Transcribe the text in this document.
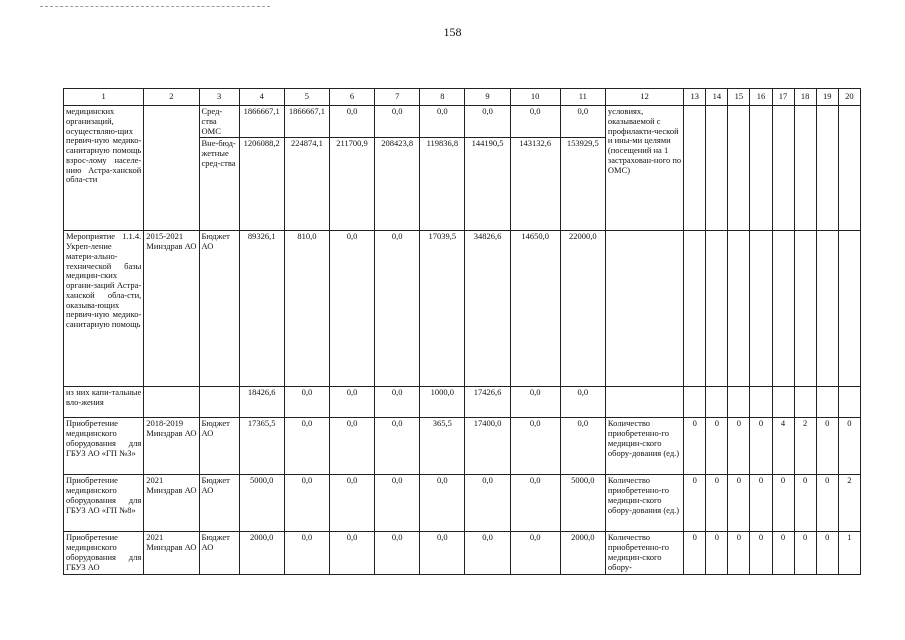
158
1	2	3	4	5	6	7	8	9	10	11	12	13	14	15	16	17	18	19	20
медицинских организаций, осуществляю-щих первич-ную медико-санитарную помощь взрос-лому населе-нию Астра-ханской обла-сти		Сред-ства ОМС	1866667,1	1866667,1	0,0	0,0	0,0	0,0	0,0	0,0	условиях, оказываемой с профилакти-ческой и ины-ми целями (посещений на 1 застрахован-ного по ОМС)								
		Вне-бюд-жетные сред-ства	1206088,2	224874,1	211700,9	208423,8	119836,8	144190,5	143132,6	153929,5									
Мероприятие 1.1.4. Укреп-ление матери-ально-технической базы медицин-ских органи-заций Астра-ханской обла-сти, оказыва-ющих первич-ную медико-санитарную помощь	2015-2021 Минздрав АО	Бюджет АО	89326,1	810,0	0,0	0,0	17039,5	34826,6	14650,0	22000,0									
из них капи-тальные вло-жения			18426,6	0,0	0,0	0,0	1000,0	17426,6	0,0	0,0									
Приобретение медицинского оборудования для ГБУЗ АО «ГП №3»	2018-2019 Минздрав АО	Бюджет АО	17365,5	0,0	0,0	0,0	365,5	17400,0	0,0	0,0	Количество приобретенно-го медицин-ского обору-дования (ед.)	0	0	0	0	4	2	0	0
Приобретение медицинского оборудования для ГБУЗ АО «ГП №8»	2021 Минздрав АО	Бюджет АО	5000,0	0,0	0,0	0,0	0,0	0,0	0,0	5000,0	Количество приобретенно-го медицин-ского обору-дования (ед.)	0	0	0	0	0	0	0	2
Приобретение медицинского оборудования для ГБУЗ АО	2021 Минздрав АО	Бюджет АО	2000,0	0,0	0,0	0,0	0,0	0,0	0,0	2000,0	Количество приобретенно-го медицин-ского обору-	0	0	0	0	0	0	0	1
